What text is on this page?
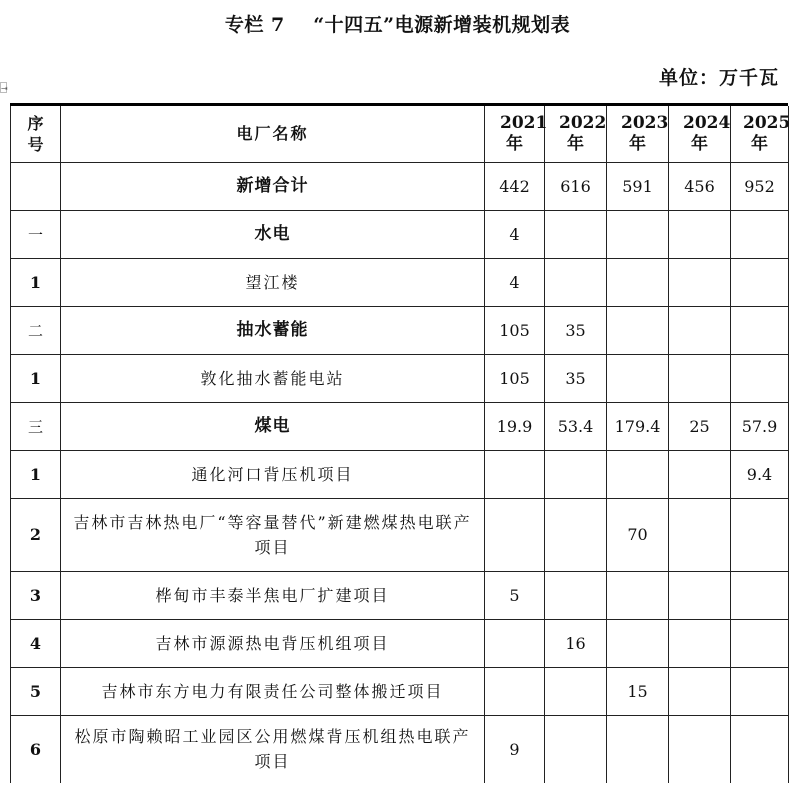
专栏 7    “十四五”电源新增装机规划表
单位：万千瓦
⇥
序号	电厂名称	2021年	2022年	2023年	2024年	2025年
	新增合计	442	616	591	456	952
一	水电	4				
1	望江楼	4				
二	抽水蓄能	105	35			
1	敦化抽水蓄能电站	105	35			
三	煤电	19.9	53.4	179.4	25	57.9
1	通化河口背压机项目					9.4
2	吉林市吉林热电厂“等容量替代”新建燃煤热电联产项目			70		
3	桦甸市丰泰半焦电厂扩建项目	5				
4	吉林市源源热电背压机组项目		16			
5	吉林市东方电力有限责任公司整体搬迁项目			15		
6	松原市陶赖昭工业园区公用燃煤背压机组热电联产项目	9				
